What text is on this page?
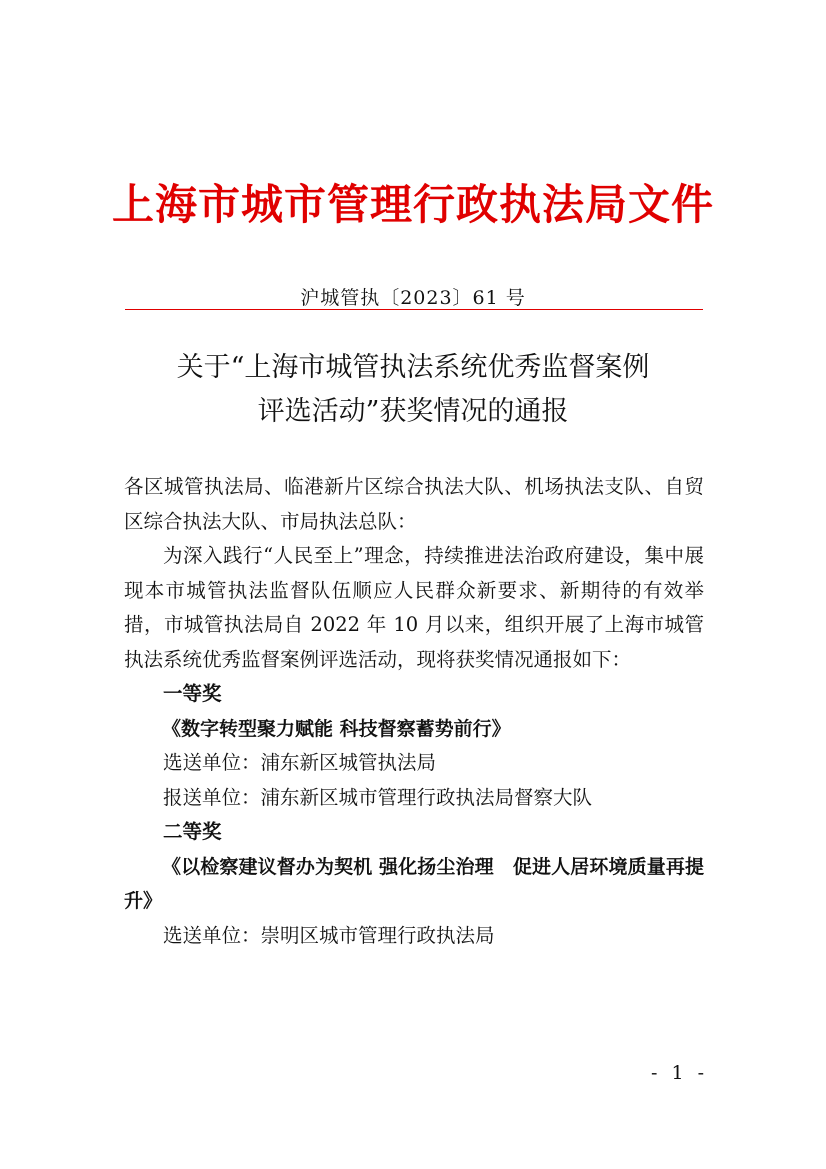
上海市城市管理行政执法局文件
沪城管执〔2023〕61 号
关于“上海市城管执法系统优秀监督案例
评选活动”获奖情况的通报

各区城管执法局、临港新片区综合执法大队、机场执法支队、自贸区综合执法大队、市局执法总队：

为深入践行“人民至上”理念，持续推进法治政府建设，集中展现本市城管执法监督队伍顺应人民群众新要求、新期待的有效举措，市城管执法局自 2022 年 10 月以来，组织开展了上海市城管执法系统优秀监督案例评选活动，现将获奖情况通报如下：

一等奖

《数字转型聚力赋能 科技督察蓄势前行》

选送单位：浦东新区城管执法局

报送单位：浦东新区城市管理行政执法局督察大队

二等奖

《以检察建议督办为契机 强化扬尘治理　促进人居环境质量再提升》

选送单位：崇明区城市管理行政执法局

- 1 -
